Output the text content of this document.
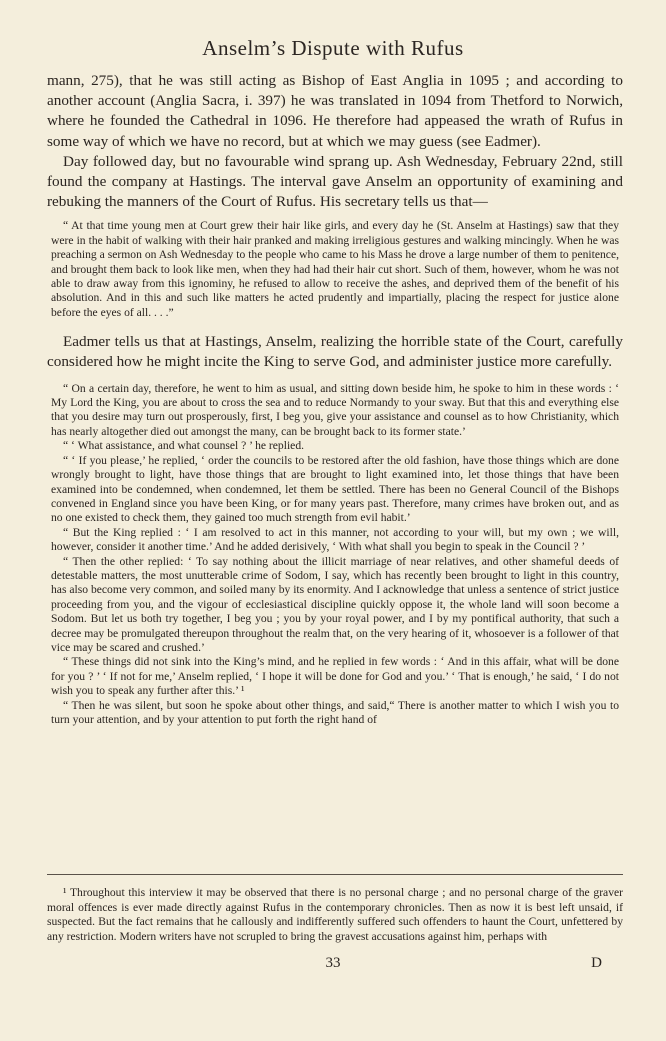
Anselm’s Dispute with Rufus

mann, 275), that he was still acting as Bishop of East Anglia in 1095 ; and according to another account (Anglia Sacra, i. 397) he was translated in 1094 from Thetford to Norwich, where he founded the Cathedral in 1096. He therefore had appeased the wrath of Rufus in some way of which we have no record, but at which we may guess (see Eadmer).

Day followed day, but no favourable wind sprang up. Ash Wednesday, February 22nd, still found the company at Hastings. The interval gave Anselm an opportunity of examining and rebuking the manners of the Court of Rufus. His secretary tells us that—

“ At that time young men at Court grew their hair like girls, and every day he (St. Anselm at Hastings) saw that they were in the habit of walking with their hair pranked and making irreligious gestures and walking mincingly. When he was preaching a sermon on Ash Wednesday to the people who came to his Mass he drove a large number of them to penitence, and brought them back to look like men, when they had had their hair cut short. Such of them, however, whom he was not able to draw away from this ignominy, he refused to allow to receive the ashes, and deprived them of the benefit of his absolution. And in this and such like matters he acted prudently and impartially, placing the respect for justice alone before the eyes of all. . . .”

Eadmer tells us that at Hastings, Anselm, realizing the horrible state of the Court, carefully considered how he might incite the King to serve God, and administer justice more carefully.

“ On a certain day, therefore, he went to him as usual, and sitting down beside him, he spoke to him in these words : ‘ My Lord the King, you are about to cross the sea and to reduce Normandy to your sway. But that this and everything else that you desire may turn out prosperously, first, I beg you, give your assistance and counsel as to how Christianity, which has nearly altogether died out amongst the many, can be brought back to its former state.’

“ ‘ What assistance, and what counsel ? ’ he replied.

“ ‘ If you please,’ he replied, ‘ order the councils to be restored after the old fashion, have those things which are done wrongly brought to light, have those things that are brought to light examined into, let those things that have been examined into be condemned, when condemned, let them be settled. There has been no General Council of the Bishops convened in England since you have been King, or for many years past. Therefore, many crimes have broken out, and as no one existed to check them, they gained too much strength from evil habit.’

“ But the King replied : ‘ I am resolved to act in this manner, not according to your will, but my own ; we will, however, consider it another time.’ And he added derisively, ‘ With what shall you begin to speak in the Council ? ’

“ Then the other replied: ‘ To say nothing about the illicit marriage of near relatives, and other shameful deeds of detestable matters, the most unutterable crime of Sodom, I say, which has recently been brought to light in this country, has also become very common, and soiled many by its enormity. And I acknowledge that unless a sentence of strict justice proceeding from you, and the vigour of ecclesiastical discipline quickly oppose it, the whole land will soon become a Sodom. But let us both try together, I beg you ; you by your royal power, and I by my pontifical authority, that such a decree may be promulgated thereupon throughout the realm that, on the very hearing of it, whosoever is a follower of that vice may be scared and crushed.’

“ These things did not sink into the King’s mind, and he replied in few words : ‘ And in this affair, what will be done for you ? ’ ‘ If not for me,’ Anselm replied, ‘ I hope it will be done for God and you.’ ‘ That is enough,’ he said, ‘ I do not wish you to speak any further after this.’ ¹

“ Then he was silent, but soon he spoke about other things, and said,“ There is another matter to which I wish you to turn your attention, and by your attention to put forth the right hand of

¹ Throughout this interview it may be observed that there is no personal charge ; and no personal charge of the graver moral offences is ever made directly against Rufus in the contemporary chronicles. Then as now it is best left unsaid, if suspected. But the fact remains that he callously and indifferently suffered such offenders to haunt the Court, unfettered by any restriction. Modern writers have not scrupled to bring the gravest accusations against him, perhaps with

33	D
